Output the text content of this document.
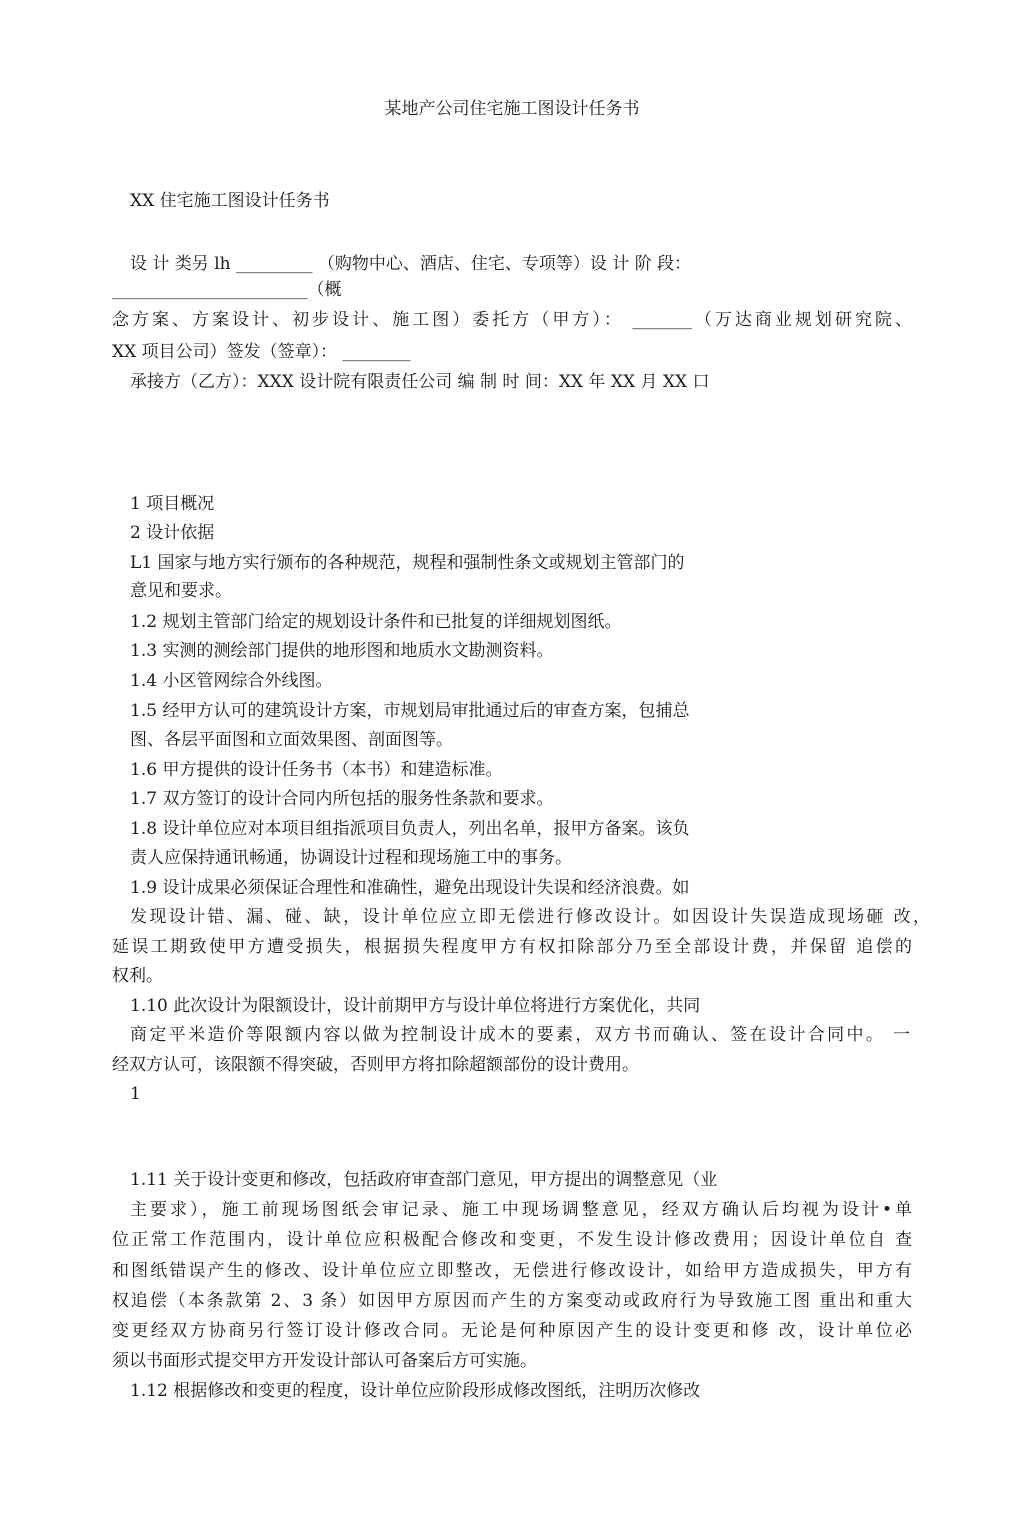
某地产公司住宅施工图设计任务书
XX 住宅施工图设计任务书
设 计 类另 lh _________ （购物中心、酒店、住宅、专项等）设 计 阶 段：
_______________________（概
念方案、方案设计、初步设计、施工图）委托方（甲方）： _______（万达商业规划研究院、
XX 项目公司）签发（签章）： ________
承接方（乙方）：XXX 设计院有限责任公司 编 制 时 间：XX 年 XX 月 XX 口
1 项目概况
2 设计依据
L1 国家与地方实行颁布的各种规范，规程和强制性条文或规划主管部门的
意见和要求。
1.2 规划主管部门给定的规划设计条件和已批复的详细规划图纸。
1.3 实测的测绘部门提供的地形图和地质水文勘测资料。
1.4 小区管网综合外线图。
1.5 经甲方认可的建筑设计方案，市规划局审批通过后的审查方案，包捕总
图、各层平面图和立面效果图、剖面图等。
1.6 甲方提供的设计任务书（本书）和建造标准。
1.7 双方签订的设计合同内所包括的服务性条款和要求。
1.8 设计单位应对本项目组指派项目负责人，列出名单，报甲方备案。该负
责人应保持通讯畅通，协调设计过程和现场施工中的事务。
1.9 设计成果必须保证合理性和准确性，避免出现设计失误和经济浪费。如
发现设计错、漏、碰、缺，设计单位应立即无偿进行修改设计。如因设计失误造成现场砸 改，
延误工期致使甲方遭受损失，根据损失程度甲方有权扣除部分乃至全部设计费，并保留 追偿的
权利。
1.10 此次设计为限额设计，设计前期甲方与设计单位将进行方案优化，共同
商定平米造价等限额内容以做为控制设计成木的要素，双方书而确认、签在设计合同中。 一
经双方认可，该限额不得突破，否则甲方将扣除超额部份的设计费用。
1
1.11 关于设计变更和修改，包括政府审查部门意见，甲方提出的调整意见（业
主要求），施工前现场图纸会审记录、施工中现场调整意见，经双方确认后均视为设计•单
位正常工作范围内，设计单位应积极配合修改和变更，不发生设计修改费用；因设计单位自 查
和图纸错误产生的修改、设计单位应立即整改，无偿进行修改设计，如给甲方造成损失，甲方有
权追偿（本条款第 2、3 条）如因甲方原因而产生的方案变动或政府行为导致施工图 重出和重大
变更经双方协商另行签订设计修改合同。无论是何种原因产生的设计变更和修 改，设计单位必
须以书面形式提交甲方开发设计部认可备案后方可实施。
1.12 根据修改和变更的程度，设计单位应阶段形成修改图纸，注明历次修改
